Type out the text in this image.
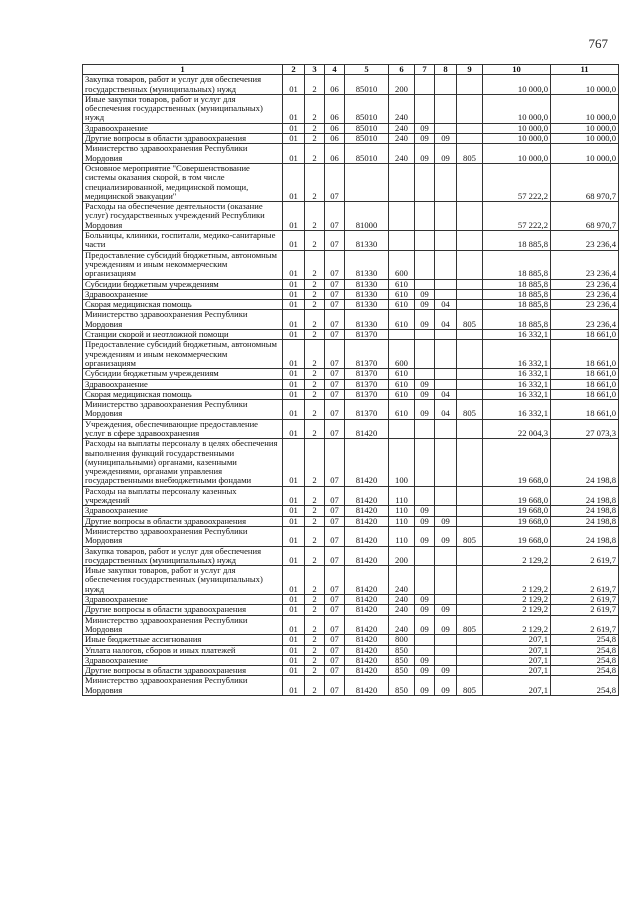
767
1	2	3	4	5	6	7	8	9	10	11
Закупка товаров, работ и услуг для обеспечения государственных (муниципальных) нужд	01	2	06	85010	200				10 000,0	10 000,0
Иные закупки товаров, работ и услуг для обеспечения государственных (муниципальных) нужд	01	2	06	85010	240				10 000,0	10 000,0
Здравоохранение	01	2	06	85010	240	09			10 000,0	10 000,0
Другие вопросы в области здравоохранения	01	2	06	85010	240	09	09		10 000,0	10 000,0
Министерство здравоохранения Республики Мордовия	01	2	06	85010	240	09	09	805	10 000,0	10 000,0
Основное мероприятие "Совершенствование системы оказания скорой, в том числе специализированной, медицинской помощи, медицинской эвакуации"	01	2	07						57 222,2	68 970,7
Расходы на обеспечение деятельности (оказание услуг) государственных учреждений Республики Мордовия	01	2	07	81000					57 222,2	68 970,7
Больницы, клиники, госпитали, медико-санитарные части	01	2	07	81330					18 885,8	23 236,4
Предоставление субсидий бюджетным, автономным учреждениям и иным некоммерческим организациям	01	2	07	81330	600				18 885,8	23 236,4
Субсидии бюджетным учреждениям	01	2	07	81330	610				18 885,8	23 236,4
Здравоохранение	01	2	07	81330	610	09			18 885,8	23 236,4
Скорая медицинская помощь	01	2	07	81330	610	09	04		18 885,8	23 236,4
Министерство здравоохранения Республики Мордовия	01	2	07	81330	610	09	04	805	18 885,8	23 236,4
Станции скорой и неотложной помощи	01	2	07	81370					16 332,1	18 661,0
Предоставление субсидий бюджетным, автономным учреждениям и иным некоммерческим организациям	01	2	07	81370	600				16 332,1	18 661,0
Субсидии бюджетным учреждениям	01	2	07	81370	610				16 332,1	18 661,0
Здравоохранение	01	2	07	81370	610	09			16 332,1	18 661,0
Скорая медицинская помощь	01	2	07	81370	610	09	04		16 332,1	18 661,0
Министерство здравоохранения Республики Мордовия	01	2	07	81370	610	09	04	805	16 332,1	18 661,0
Учреждения, обеспечивающие предоставление услуг в сфере здравоохранения	01	2	07	81420					22 004,3	27 073,3
Расходы на выплаты персоналу в целях обеспечения выполнения функций государственными (муниципальными) органами, казенными учреждениями, органами управления государственными внебюджетными фондами	01	2	07	81420	100				19 668,0	24 198,8
Расходы на выплаты персоналу казенных учреждений	01	2	07	81420	110				19 668,0	24 198,8
Здравоохранение	01	2	07	81420	110	09			19 668,0	24 198,8
Другие вопросы в области здравоохранения	01	2	07	81420	110	09	09		19 668,0	24 198,8
Министерство здравоохранения Республики Мордовия	01	2	07	81420	110	09	09	805	19 668,0	24 198,8
Закупка товаров, работ и услуг для обеспечения государственных (муниципальных) нужд	01	2	07	81420	200				2 129,2	2 619,7
Иные закупки товаров, работ и услуг для обеспечения государственных (муниципальных) нужд	01	2	07	81420	240				2 129,2	2 619,7
Здравоохранение	01	2	07	81420	240	09			2 129,2	2 619,7
Другие вопросы в области здравоохранения	01	2	07	81420	240	09	09		2 129,2	2 619,7
Министерство здравоохранения Республики Мордовия	01	2	07	81420	240	09	09	805	2 129,2	2 619,7
Иные бюджетные ассигнования	01	2	07	81420	800				207,1	254,8
Уплата налогов, сборов и иных платежей	01	2	07	81420	850				207,1	254,8
Здравоохранение	01	2	07	81420	850	09			207,1	254,8
Другие вопросы в области здравоохранения	01	2	07	81420	850	09	09		207,1	254,8
Министерство здравоохранения Республики Мордовия	01	2	07	81420	850	09	09	805	207,1	254,8
